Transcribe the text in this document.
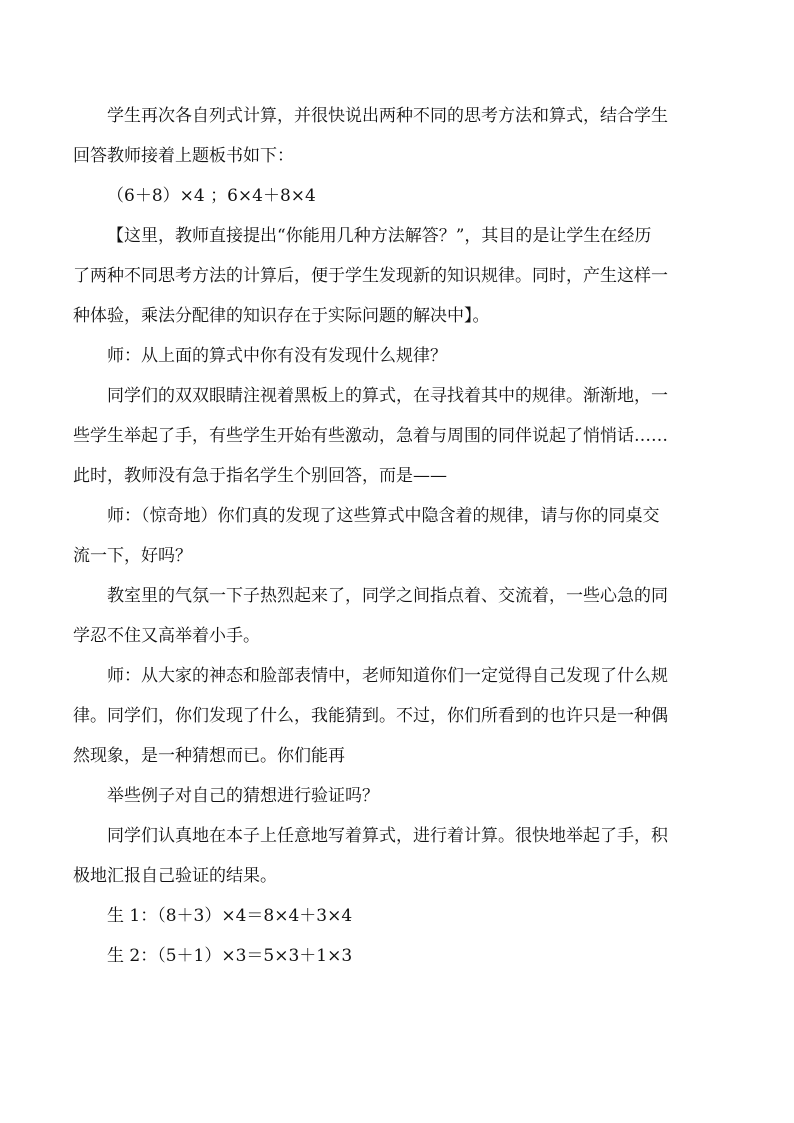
学生再次各自列式计算，并很快说出两种不同的思考方法和算式，结合学生
回答教师接着上题板书如下：
（6＋8）×4 ；6×4＋8×4
【这里，教师直接提出“你能用几种方法解答？”，其目的是让学生在经历
了两种不同思考方法的计算后，便于学生发现新的知识规律。同时，产生这样一
种体验，乘法分配律的知识存在于实际问题的解决中】。
师：从上面的算式中你有没有发现什么规律？
同学们的双双眼睛注视着黑板上的算式，在寻找着其中的规律。渐渐地，一
些学生举起了手，有些学生开始有些激动，急着与周围的同伴说起了悄悄话……
此时，教师没有急于指名学生个别回答，而是——
师：（惊奇地）你们真的发现了这些算式中隐含着的规律，请与你的同桌交
流一下，好吗？
教室里的气氛一下子热烈起来了，同学之间指点着、交流着，一些心急的同
学忍不住又高举着小手。
师：从大家的神态和脸部表情中，老师知道你们一定觉得自己发现了什么规
律。同学们，你们发现了什么，我能猜到。不过，你们所看到的也许只是一种偶
然现象，是一种猜想而已。你们能再
举些例子对自己的猜想进行验证吗？
同学们认真地在本子上任意地写着算式，进行着计算。很快地举起了手，积
极地汇报自己验证的结果。
生 1：（8＋3）×4＝8×4＋3×4
生 2：（5＋1）×3＝5×3＋1×3
